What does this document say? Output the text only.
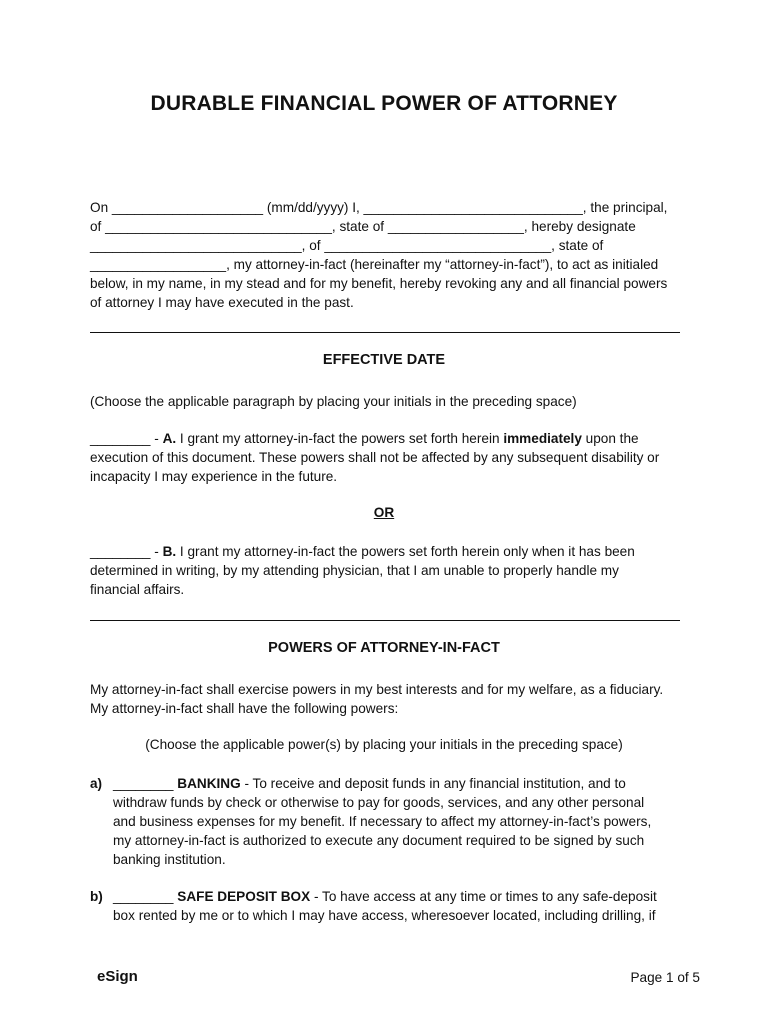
DURABLE FINANCIAL POWER OF ATTORNEY
On ____________________ (mm/dd/yyyy) I, _____________________________, the principal,
of ______________________________, state of __________________, hereby designate
____________________________, of ______________________________, state of
__________________, my attorney-in-fact (hereinafter my “attorney-in-fact”), to act as initialed
below, in my name, in my stead and for my benefit, hereby revoking any and all financial powers
of attorney I may have executed in the past.
EFFECTIVE DATE
(Choose the applicable paragraph by placing your initials in the preceding space)
________ - A. I grant my attorney-in-fact the powers set forth herein immediately upon the
execution of this document. These powers shall not be affected by any subsequent disability or
incapacity I may experience in the future.
OR
________ - B. I grant my attorney-in-fact the powers set forth herein only when it has been
determined in writing, by my attending physician, that I am unable to properly handle my
financial affairs.
POWERS OF ATTORNEY-IN-FACT
My attorney-in-fact shall exercise powers in my best interests and for my welfare, as a fiduciary.
My attorney-in-fact shall have the following powers:
(Choose the applicable power(s) by placing your initials in the preceding space)
a) ________ BANKING - To receive and deposit funds in any financial institution, and to
withdraw funds by check or otherwise to pay for goods, services, and any other personal
and business expenses for my benefit. If necessary to affect my attorney-in-fact’s powers,
my attorney-in-fact is authorized to execute any document required to be signed by such
banking institution.
b) ________ SAFE DEPOSIT BOX - To have access at any time or times to any safe-deposit
box rented by me or to which I may have access, wheresoever located, including drilling, if
eSign	Page 1 of 5
